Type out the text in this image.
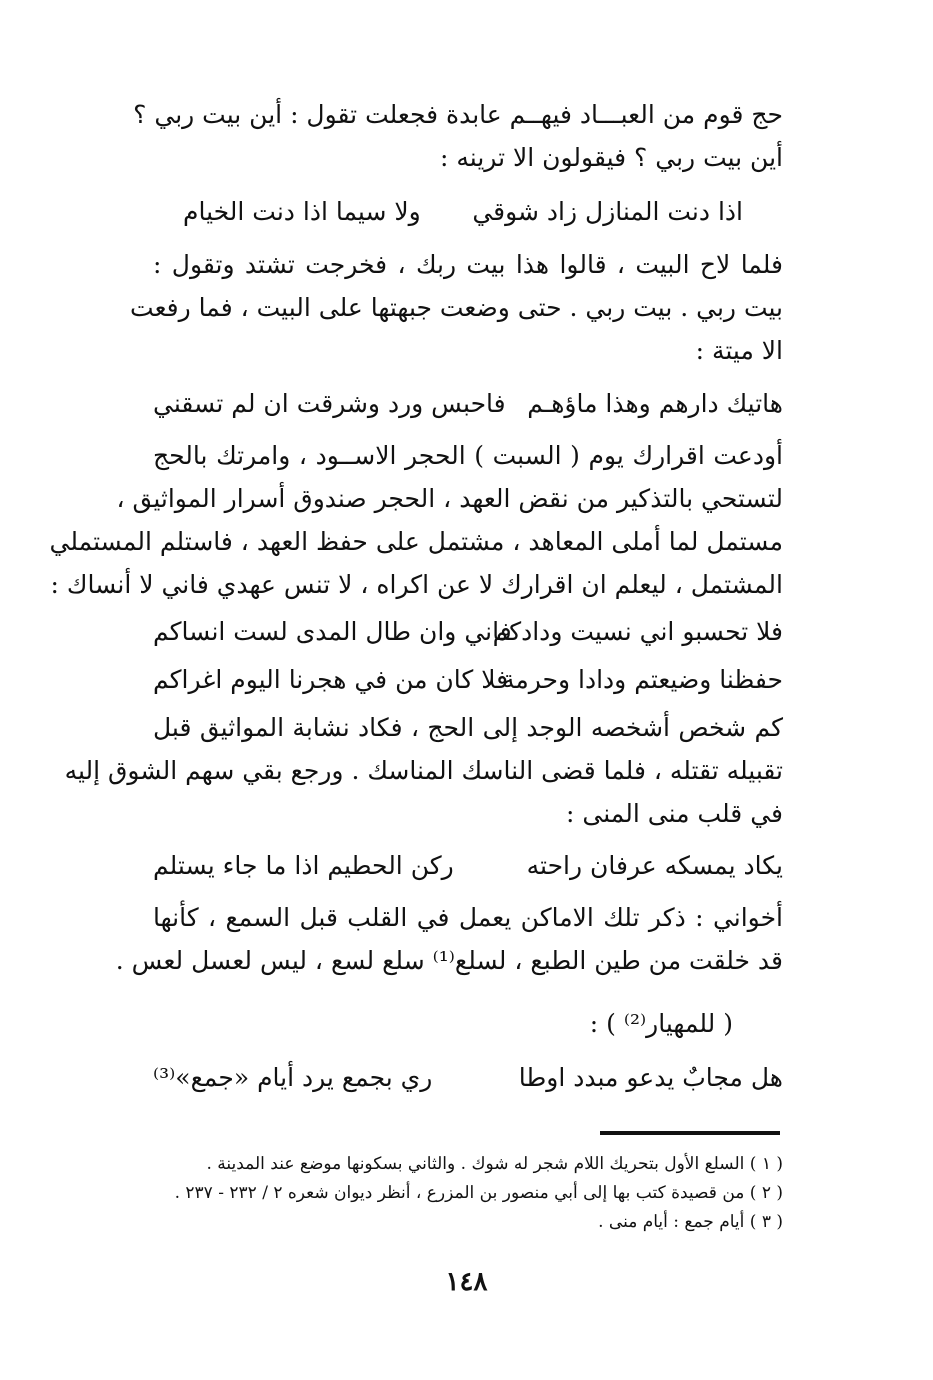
حج قوم من العبـــاد فيهــم عابدة فجعلت تقول : أين بيت ربي ؟
أين بيت ربي ؟ فيقولون الا ترينه :
اذا دنت المنازل زاد شوقي
ولا سيما اذا دنت الخيام
فلما لاح البيت ، قالوا هذا بيت ربك ، فخرجت تشتد وتقول :
بيت ربي . بيت ربي . حتى وضعت جبهتها على البيت ، فما رفعت
الا ميتة :
هاتيك دارهم وهذا ماؤهـم
فاحبس ورد وشرقت ان لم تسقني
أودعت اقرارك يوم ( السبت ) الحجر الاســود ، وامرتك بالحج
لتستحي بالتذكير من نقض العهد ، الحجر صندوق أسرار المواثيق ،
مستمل لما أملى المعاهد ، مشتمل على حفظ العهد ، فاستلم المستملي
المشتمل ، ليعلم ان اقرارك لا عن اكراه ، لا تنس عهدي فاني لا أنساك :
فلا تحسبو اني نسيت ودادكم
فاني وان طال المدى لست انساكم
حفظنا وضيعتم ودادا وحرمة
فلا كان من في هجرنا اليوم اغراكم
كم شخص أشخصه الوجد إلى الحج ، فكاد نشابة المواثيق قبل
تقبيله تقتله ، فلما قضى الناسك المناسك . ورجع بقي سهم الشوق إليه
في قلب منى المنى :
يكاد يمسكه عرفان راحته
ركن الحطيم اذا ما جاء يستلم
أخواني : ذكر تلك الاماكن يعمل في القلب قبل السمع ، كأنها
قد خلقت من طين الطبع ، لسلع⁽¹⁾ سلع لسع ، ليس لعسل لعس .
( للمهيار⁽²⁾ ) :
هل مجابٌ يدعو مبدد اوطا
ري بجمع يرد أيام «جمع»⁽³⁾
( ١ ) السلع الأول بتحريك اللام شجر له شوك . والثاني بسكونها موضع عند المدينة .
( ٢ ) من قصيدة كتب بها إلى أبي منصور بن المزرع ، أنظر ديوان شعره ٢ / ٢٣٢ - ٢٣٧ .
( ٣ ) أيام جمع : أيام منى .
١٤٨
